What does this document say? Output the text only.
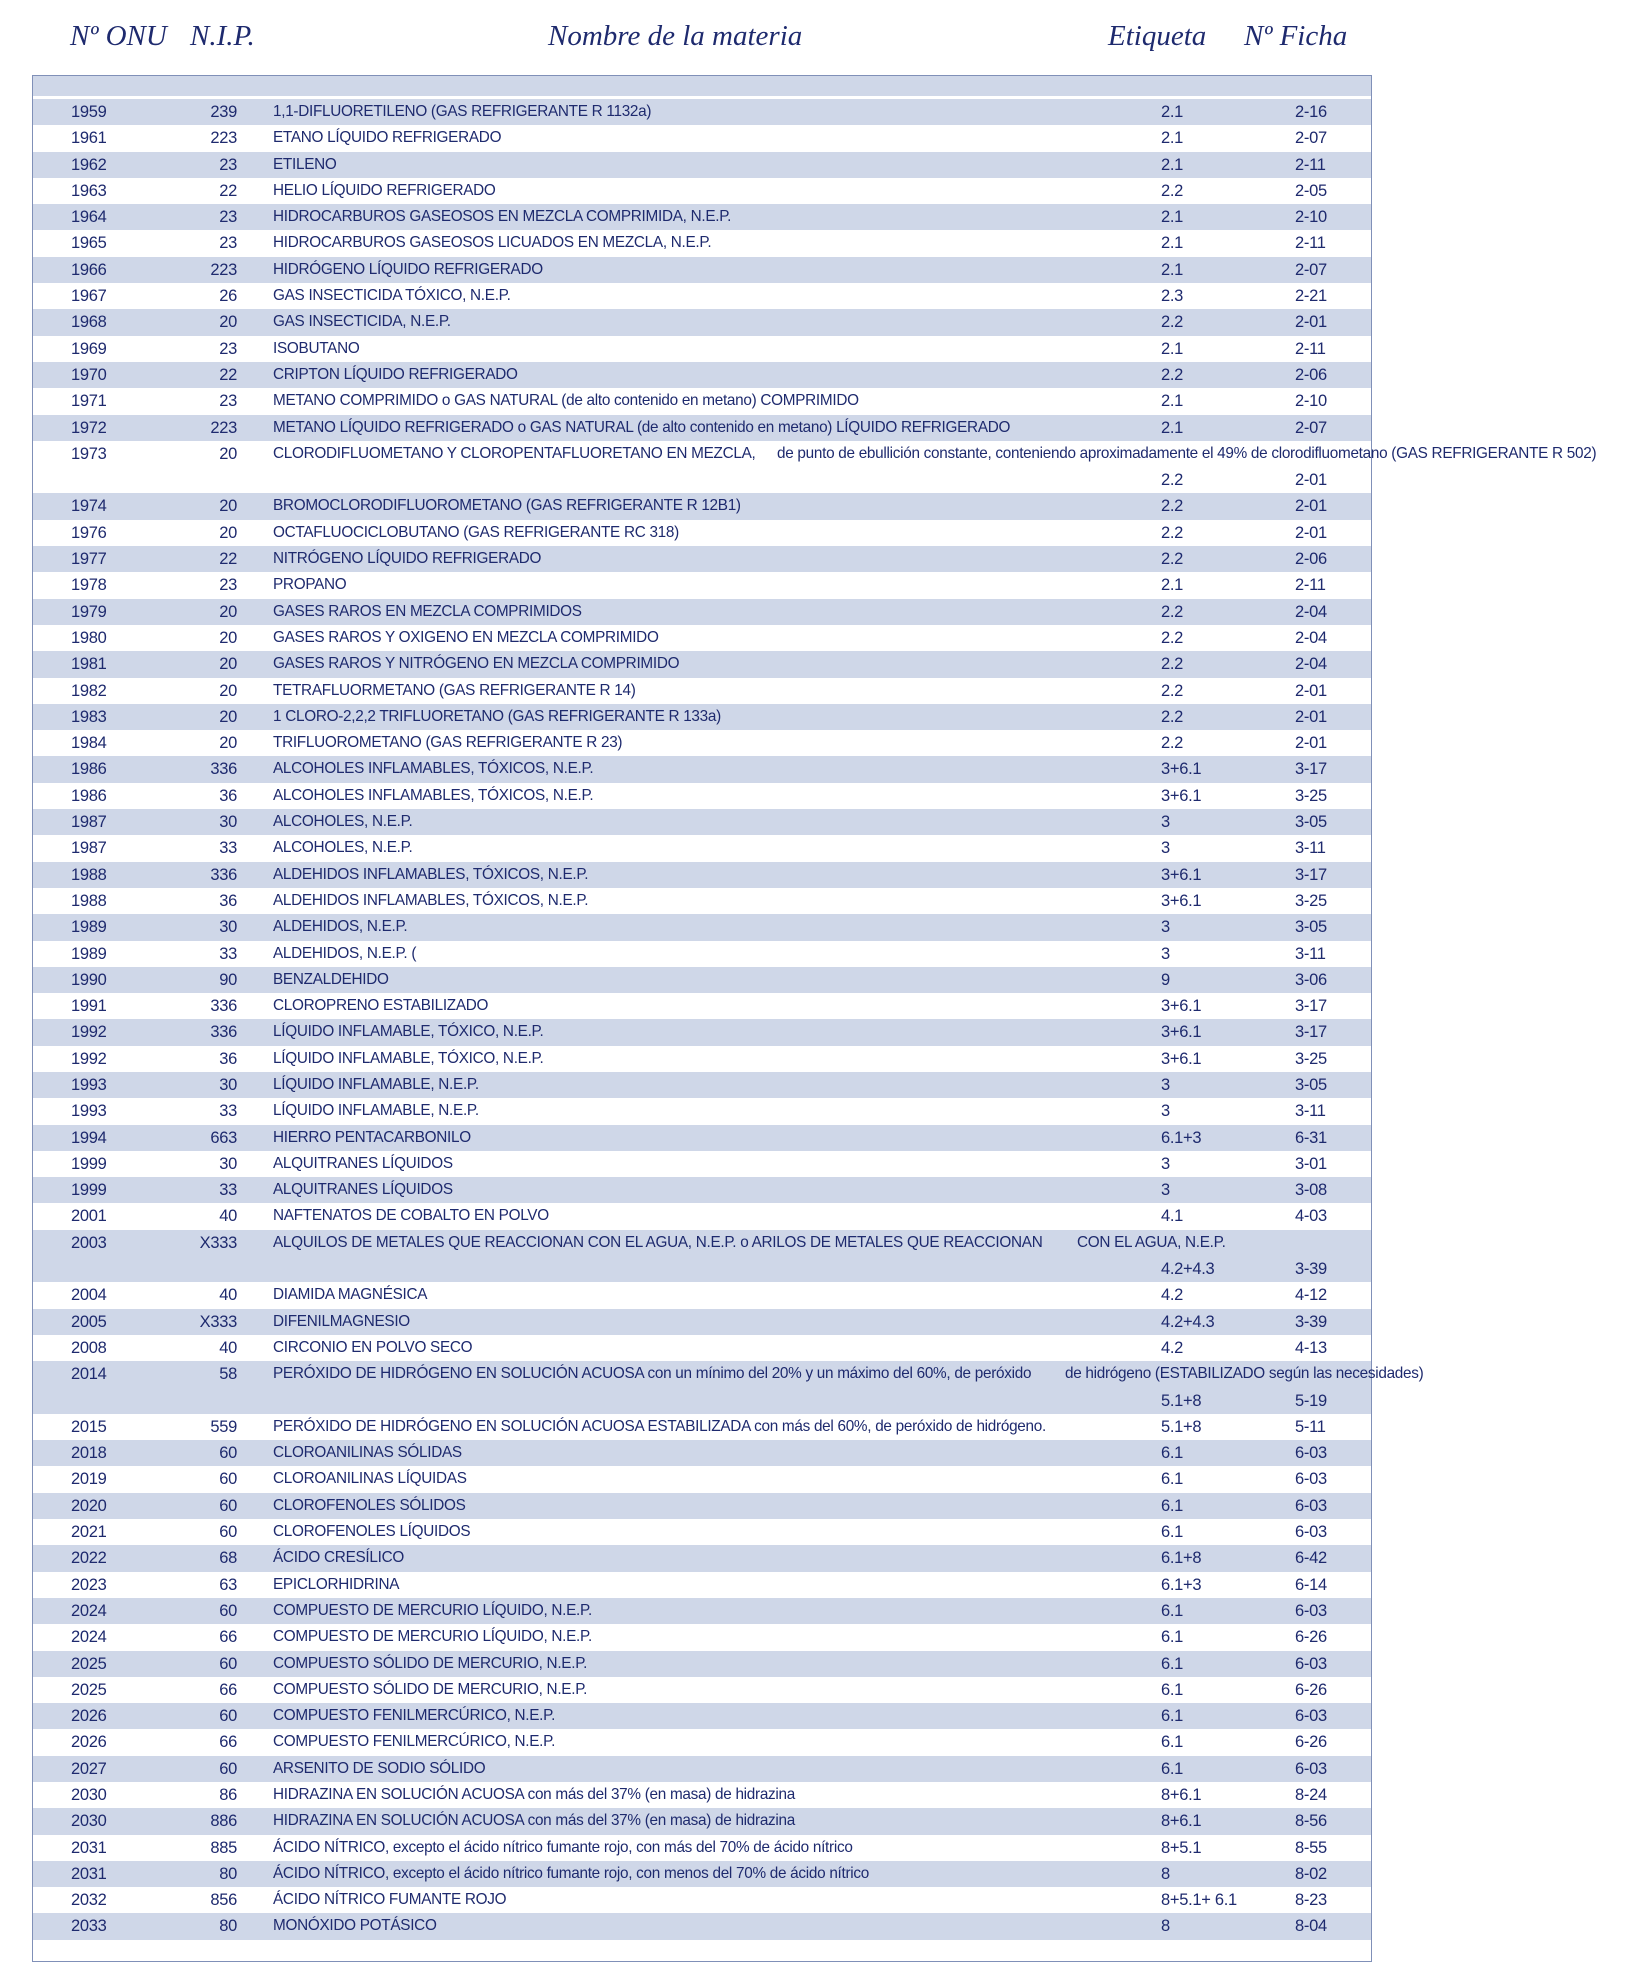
Nº ONU N.I.P.	Nombre de la materia	Etiqueta Nº Ficha
1959	239 1,1-DIFLUORETILENO (GAS REFRIGERANTE R 1132a)	2.1	2-16
1961	223 ETANO LÍQUIDO REFRIGERADO	2.1	2-07
1962	23 ETILENO	2.1	2-11
1963	22 HELIO LÍQUIDO REFRIGERADO	2.2	2-05
1964	23 HIDROCARBUROS GASEOSOS EN MEZCLA COMPRIMIDA, N.E.P.	2.1	2-10
1965	23 HIDROCARBUROS GASEOSOS LICUADOS EN MEZCLA, N.E.P.	2.1	2-11
1966	223 HIDRÓGENO LÍQUIDO REFRIGERADO	2.1	2-07
1967	26 GAS INSECTICIDA TÓXICO, N.E.P.	2.3	2-21
1968	20 GAS INSECTICIDA, N.E.P.	2.2	2-01
1969	23 ISOBUTANO	2.1	2-11
1970	22 CRIPTON LÍQUIDO REFRIGERADO	2.2	2-06
1971	23 METANO COMPRIMIDO o GAS NATURAL (de alto contenido en metano) COMPRIMIDO	2.1	2-10
1972	223 METANO LÍQUIDO REFRIGERADO o GAS NATURAL (de alto contenido en metano) LÍQUIDO REFRIGERADO	2.1	2-07
1973	20 CLORODIFLUOMETANO Y CLOROPENTAFLUORETANO EN MEZCLA, de punto de ebullición constante, conteniendo aproximadamente el 49% de clorodifluometano (GAS REFRIGERANTE R 502)
2.2	2-01
1974	20 BROMOCLORODIFLUOROMETANO (GAS REFRIGERANTE R 12B1)	2.2	2-01
1976	20 OCTAFLUOCICLOBUTANO (GAS REFRIGERANTE RC 318)	2.2	2-01
1977	22 NITRÓGENO LÍQUIDO REFRIGERADO	2.2	2-06
1978	23 PROPANO	2.1	2-11
1979	20 GASES RAROS EN MEZCLA COMPRIMIDOS	2.2	2-04
1980	20 GASES RAROS Y OXIGENO EN MEZCLA COMPRIMIDO	2.2	2-04
1981	20 GASES RAROS Y NITRÓGENO EN MEZCLA COMPRIMIDO	2.2	2-04
1982	20 TETRAFLUORMETANO (GAS REFRIGERANTE R 14)	2.2	2-01
1983	20 1 CLORO-2,2,2 TRIFLUORETANO (GAS REFRIGERANTE R 133a)	2.2	2-01
1984	20 TRIFLUOROMETANO (GAS REFRIGERANTE R 23)	2.2	2-01
1986	336 ALCOHOLES INFLAMABLES, TÓXICOS, N.E.P.	3+6.1	3-17
1986	36 ALCOHOLES INFLAMABLES, TÓXICOS, N.E.P.	3+6.1	3-25
1987	30 ALCOHOLES, N.E.P.	3	3-05
1987	33 ALCOHOLES, N.E.P.	3	3-11
1988	336 ALDEHIDOS INFLAMABLES, TÓXICOS, N.E.P.	3+6.1	3-17
1988	36 ALDEHIDOS INFLAMABLES, TÓXICOS, N.E.P.	3+6.1	3-25
1989	30 ALDEHIDOS, N.E.P.	3	3-05
1989	33 ALDEHIDOS, N.E.P. (	3	3-11
1990	90 BENZALDEHIDO	9	3-06
1991	336 CLOROPRENO ESTABILIZADO	3+6.1	3-17
1992	336 LÍQUIDO INFLAMABLE, TÓXICO, N.E.P.	3+6.1	3-17
1992	36 LÍQUIDO INFLAMABLE, TÓXICO, N.E.P.	3+6.1	3-25
1993	30 LÍQUIDO INFLAMABLE, N.E.P.	3	3-05
1993	33 LÍQUIDO INFLAMABLE, N.E.P.	3	3-11
1994	663 HIERRO PENTACARBONILO	6.1+3	6-31
1999	30 ALQUITRANES LÍQUIDOS	3	3-01
1999	33 ALQUITRANES LÍQUIDOS	3	3-08
2001	40 NAFTENATOS DE COBALTO EN POLVO	4.1	4-03
2003	X333 ALQUILOS DE METALES QUE REACCIONAN CON EL AGUA, N.E.P. o ARILOS DE METALES QUE REACCIONAN CON EL AGUA, N.E.P.
4.2+4.3	3-39
2004	40 DIAMIDA MAGNÉSICA	4.2	4-12
2005	X333 DIFENILMAGNESIO	4.2+4.3	3-39
2008	40 CIRCONIO EN POLVO SECO	4.2	4-13
2014	58 PERÓXIDO DE HIDRÓGENO EN SOLUCIÓN ACUOSA con un mínimo del 20% y un máximo del 60%, de peróxido de hidrógeno (ESTABILIZADO según las necesidades)
5.1+8	5-19
2015	559 PERÓXIDO DE HIDRÓGENO EN SOLUCIÓN ACUOSA ESTABILIZADA con más del 60%, de peróxido de hidrógeno.	5.1+8	5-11
2018	60 CLOROANILINAS SÓLIDAS	6.1	6-03
2019	60 CLOROANILINAS LÍQUIDAS	6.1	6-03
2020	60 CLOROFENOLES SÓLIDOS	6.1	6-03
2021	60 CLOROFENOLES LÍQUIDOS	6.1	6-03
2022	68 ÁCIDO CRESÍLICO	6.1+8	6-42
2023	63 EPICLORHIDRINA	6.1+3	6-14
2024	60 COMPUESTO DE MERCURIO LÍQUIDO, N.E.P.	6.1	6-03
2024	66 COMPUESTO DE MERCURIO LÍQUIDO, N.E.P.	6.1	6-26
2025	60 COMPUESTO SÓLIDO DE MERCURIO, N.E.P.	6.1	6-03
2025	66 COMPUESTO SÓLIDO DE MERCURIO, N.E.P.	6.1	6-26
2026	60 COMPUESTO FENILMERCÚRICO, N.E.P.	6.1	6-03
2026	66 COMPUESTO FENILMERCÚRICO, N.E.P.	6.1	6-26
2027	60 ARSENITO DE SODIO SÓLIDO	6.1	6-03
2030	86 HIDRAZINA EN SOLUCIÓN ACUOSA con más del 37% (en masa) de hidrazina	8+6.1	8-24
2030	886 HIDRAZINA EN SOLUCIÓN ACUOSA con más del 37% (en masa) de hidrazina	8+6.1	8-56
2031	885 ÁCIDO NÍTRICO, excepto el ácido nítrico fumante rojo, con más del 70% de ácido nítrico	8+5.1	8-55
2031	80 ÁCIDO NÍTRICO, excepto el ácido nítrico fumante rojo, con menos del 70% de ácido nítrico	8	8-02
2032	856 ÁCIDO NÍTRICO FUMANTE ROJO	8+5.1+ 6.1	8-23
2033	80 MONÓXIDO POTÁSICO	8	8-04
